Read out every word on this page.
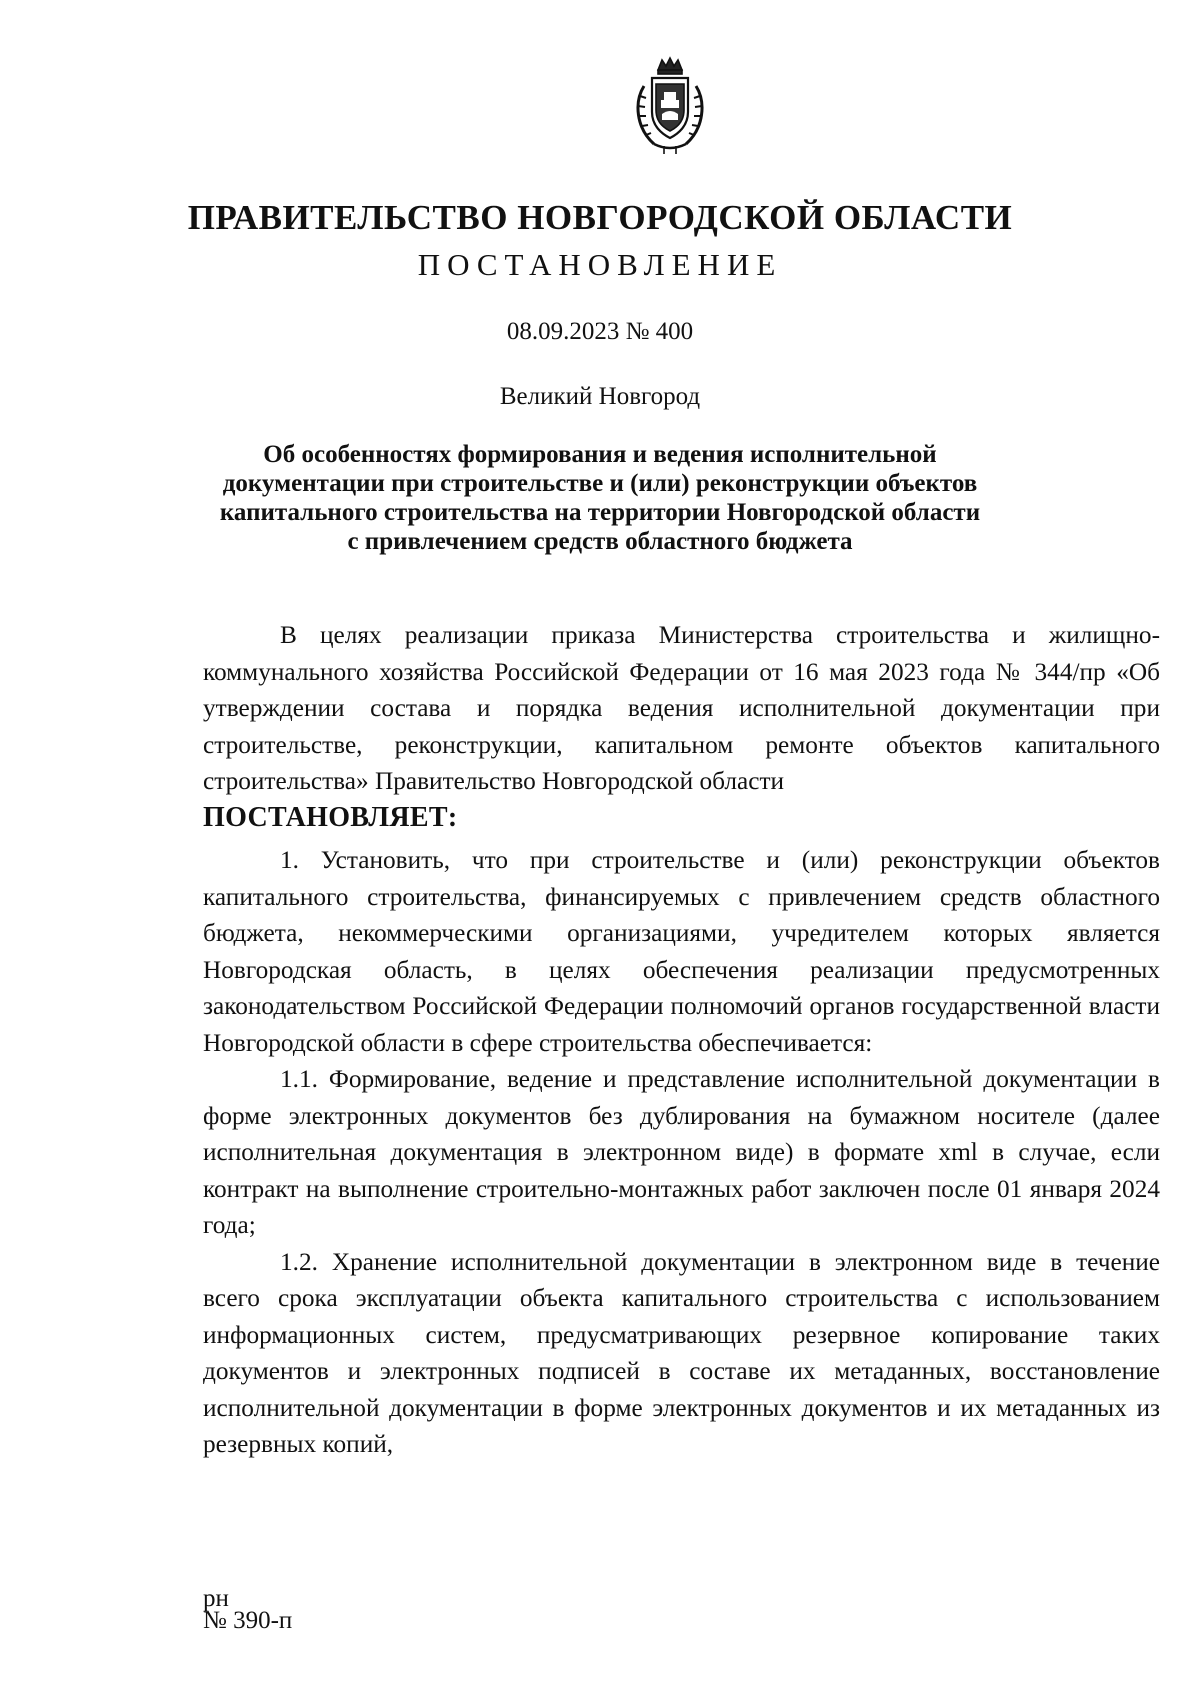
ПРАВИТЕЛЬСТВО НОВГОРОДСКОЙ ОБЛАСТИ
ПОСТАНОВЛЕНИЕ
08.09.2023 № 400
Великий Новгород
Об особенностях формирования и ведения исполнительной
документации при строительстве и (или) реконструкции объектов
капитального строительства на территории Новгородской области
с привлечением средств областного бюджета

В целях реализации приказа Министерства строительства и жилищно-коммунального хозяйства Российской Федерации от 16 мая 2023 года № 344/пр «Об утверждении состава и порядка ведения исполнительной документации при строительстве, реконструкции, капитальном ремонте объектов капитального строительства» Правительство Новгородской области

ПОСТАНОВЛЯЕТ:

1. Установить, что при строительстве и (или) реконструкции объектов капитального строительства, финансируемых с привлечением средств областного бюджета, некоммерческими организациями, учредителем которых является Новгородская область, в целях обеспечения реализации предусмотренных законодательством Российской Федерации полномочий органов государственной власти Новгородской области в сфере строительства обеспечивается:

1.1. Формирование, ведение и представление исполнительной документации в форме электронных документов без дублирования на бумажном носителе (далее исполнительная документация в электронном виде) в формате xml в случае, если контракт на выполнение строительно-монтажных работ заключен после 01 января 2024 года;

1.2. Хранение исполнительной документации в электронном виде в течение всего срока эксплуатации объекта капитального строительства с использованием информационных систем, предусматривающих резервное копирование таких документов и электронных подписей в составе их метаданных, восстановление исполнительной документации в форме электронных документов и их метаданных из резервных копий,

рн
№ 390-п
